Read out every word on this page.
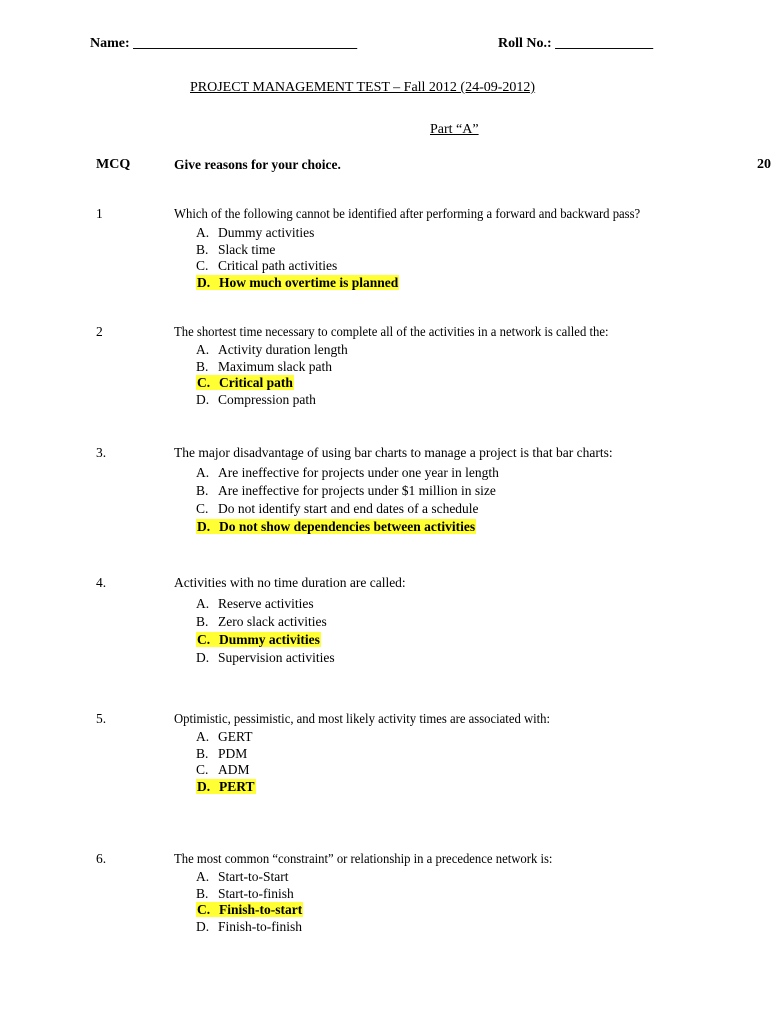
Name: ________________________________	Roll No.: ______________
PROJECT MANAGEMENT TEST – Fall 2012 (24-09-2012)
Part “A”
MCQ	Give reasons for your choice.	20
1	Which of the following cannot be identified after performing a forward and backward pass?
A. Dummy activities
B. Slack time
C. Critical path activities
D. How much overtime is planned
2	The shortest time necessary to complete all of the activities in a network is called the:
A. Activity duration length
B. Maximum slack path
C. Critical path
D. Compression path
3.	The major disadvantage of using bar charts to manage a project is that bar charts:
A. Are ineffective for projects under one year in length
B. Are ineffective for projects under $1 million in size
C. Do not identify start and end dates of a schedule
D. Do not show dependencies between activities
4.	Activities with no time duration are called:
A. Reserve activities
B. Zero slack activities
C. Dummy activities
D. Supervision activities
5.	Optimistic, pessimistic, and most likely activity times are associated with:
A. GERT
B. PDM
C. ADM
D. PERT
6.	The most common “constraint” or relationship in a precedence network is:
A. Start-to-Start
B. Start-to-finish
C. Finish-to-start
D. Finish-to-finish
